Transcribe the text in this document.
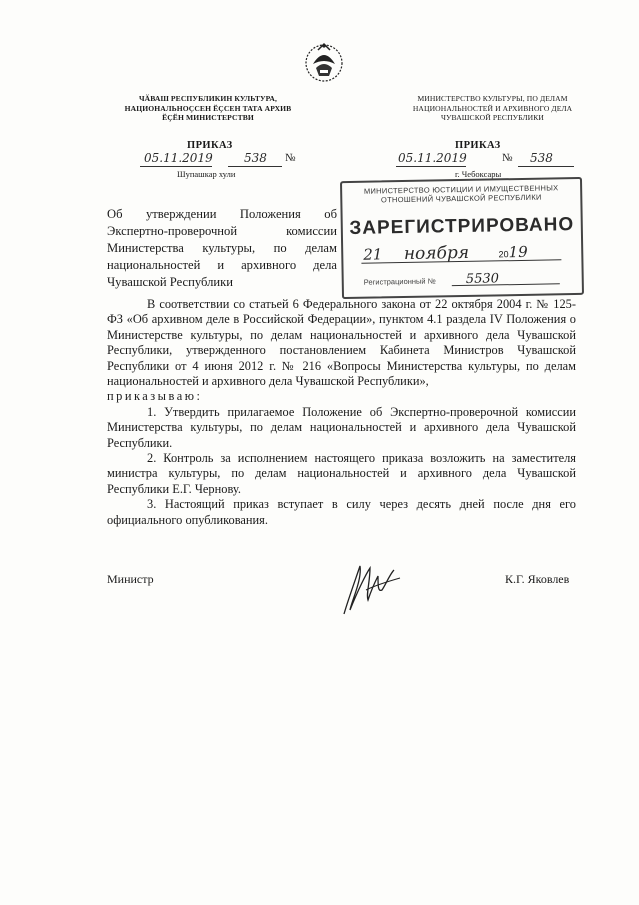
ЧӐВАШ РЕСПУБЛИКИН КУЛЬТУРА, НАЦИОНАЛЬНОҪСЕН ӖҪСЕН ТАТА АРХИВ ӖҪӖН МИНИСТЕРСТВИ
ПРИКАЗ
05.11.2019	538 №
Шупашкар хули
МИНИСТЕРСТВО КУЛЬТУРЫ, ПО ДЕЛАМ НАЦИОНАЛЬНОСТЕЙ И АРХИВНОГО ДЕЛА ЧУВАШСКОЙ РЕСПУБЛИКИ
ПРИКАЗ
05.11.2019	№ 538
г. Чебоксары
МИНИСТЕРСТВО ЮСТИЦИИ И ИМУЩЕСТВЕННЫХ ОТНОШЕНИЙ ЧУВАШСКОЙ РЕСПУБЛИКИ
ЗАРЕГИСТРИРОВАНО
21 ноября	2019
Регистрационный № 5530
Об утверждении Положения об Экспертно-проверочной комиссии Министерства культуры, по делам национальностей и архивного дела Чувашской Республики

В соответствии со статьей 6 Федерального закона от 22 октября 2004 г. № 125-ФЗ «Об архивном деле в Российской Федерации», пунктом 4.1 раздела IV Положения о Министерстве культуры, по делам национальностей и архивного дела Чувашской Республики, утвержденного постановлением Кабинета Министров Чувашской Республики от 4 июня 2012 г. № 216 «Вопросы Министерства культуры, по делам национальностей и архивного дела Чувашской Республики»,

приказываю:

1. Утвердить прилагаемое Положение об Экспертно-проверочной комиссии Министерства культуры, по делам национальностей и архивного дела Чувашской Республики.

2. Контроль за исполнением настоящего приказа возложить на заместителя министра культуры, по делам национальностей и архивного дела Чувашской Республики Е.Г. Чернову.

3. Настоящий приказ вступает в силу через десять дней после дня его официального опубликования.

Министр	К.Г. Яковлев
